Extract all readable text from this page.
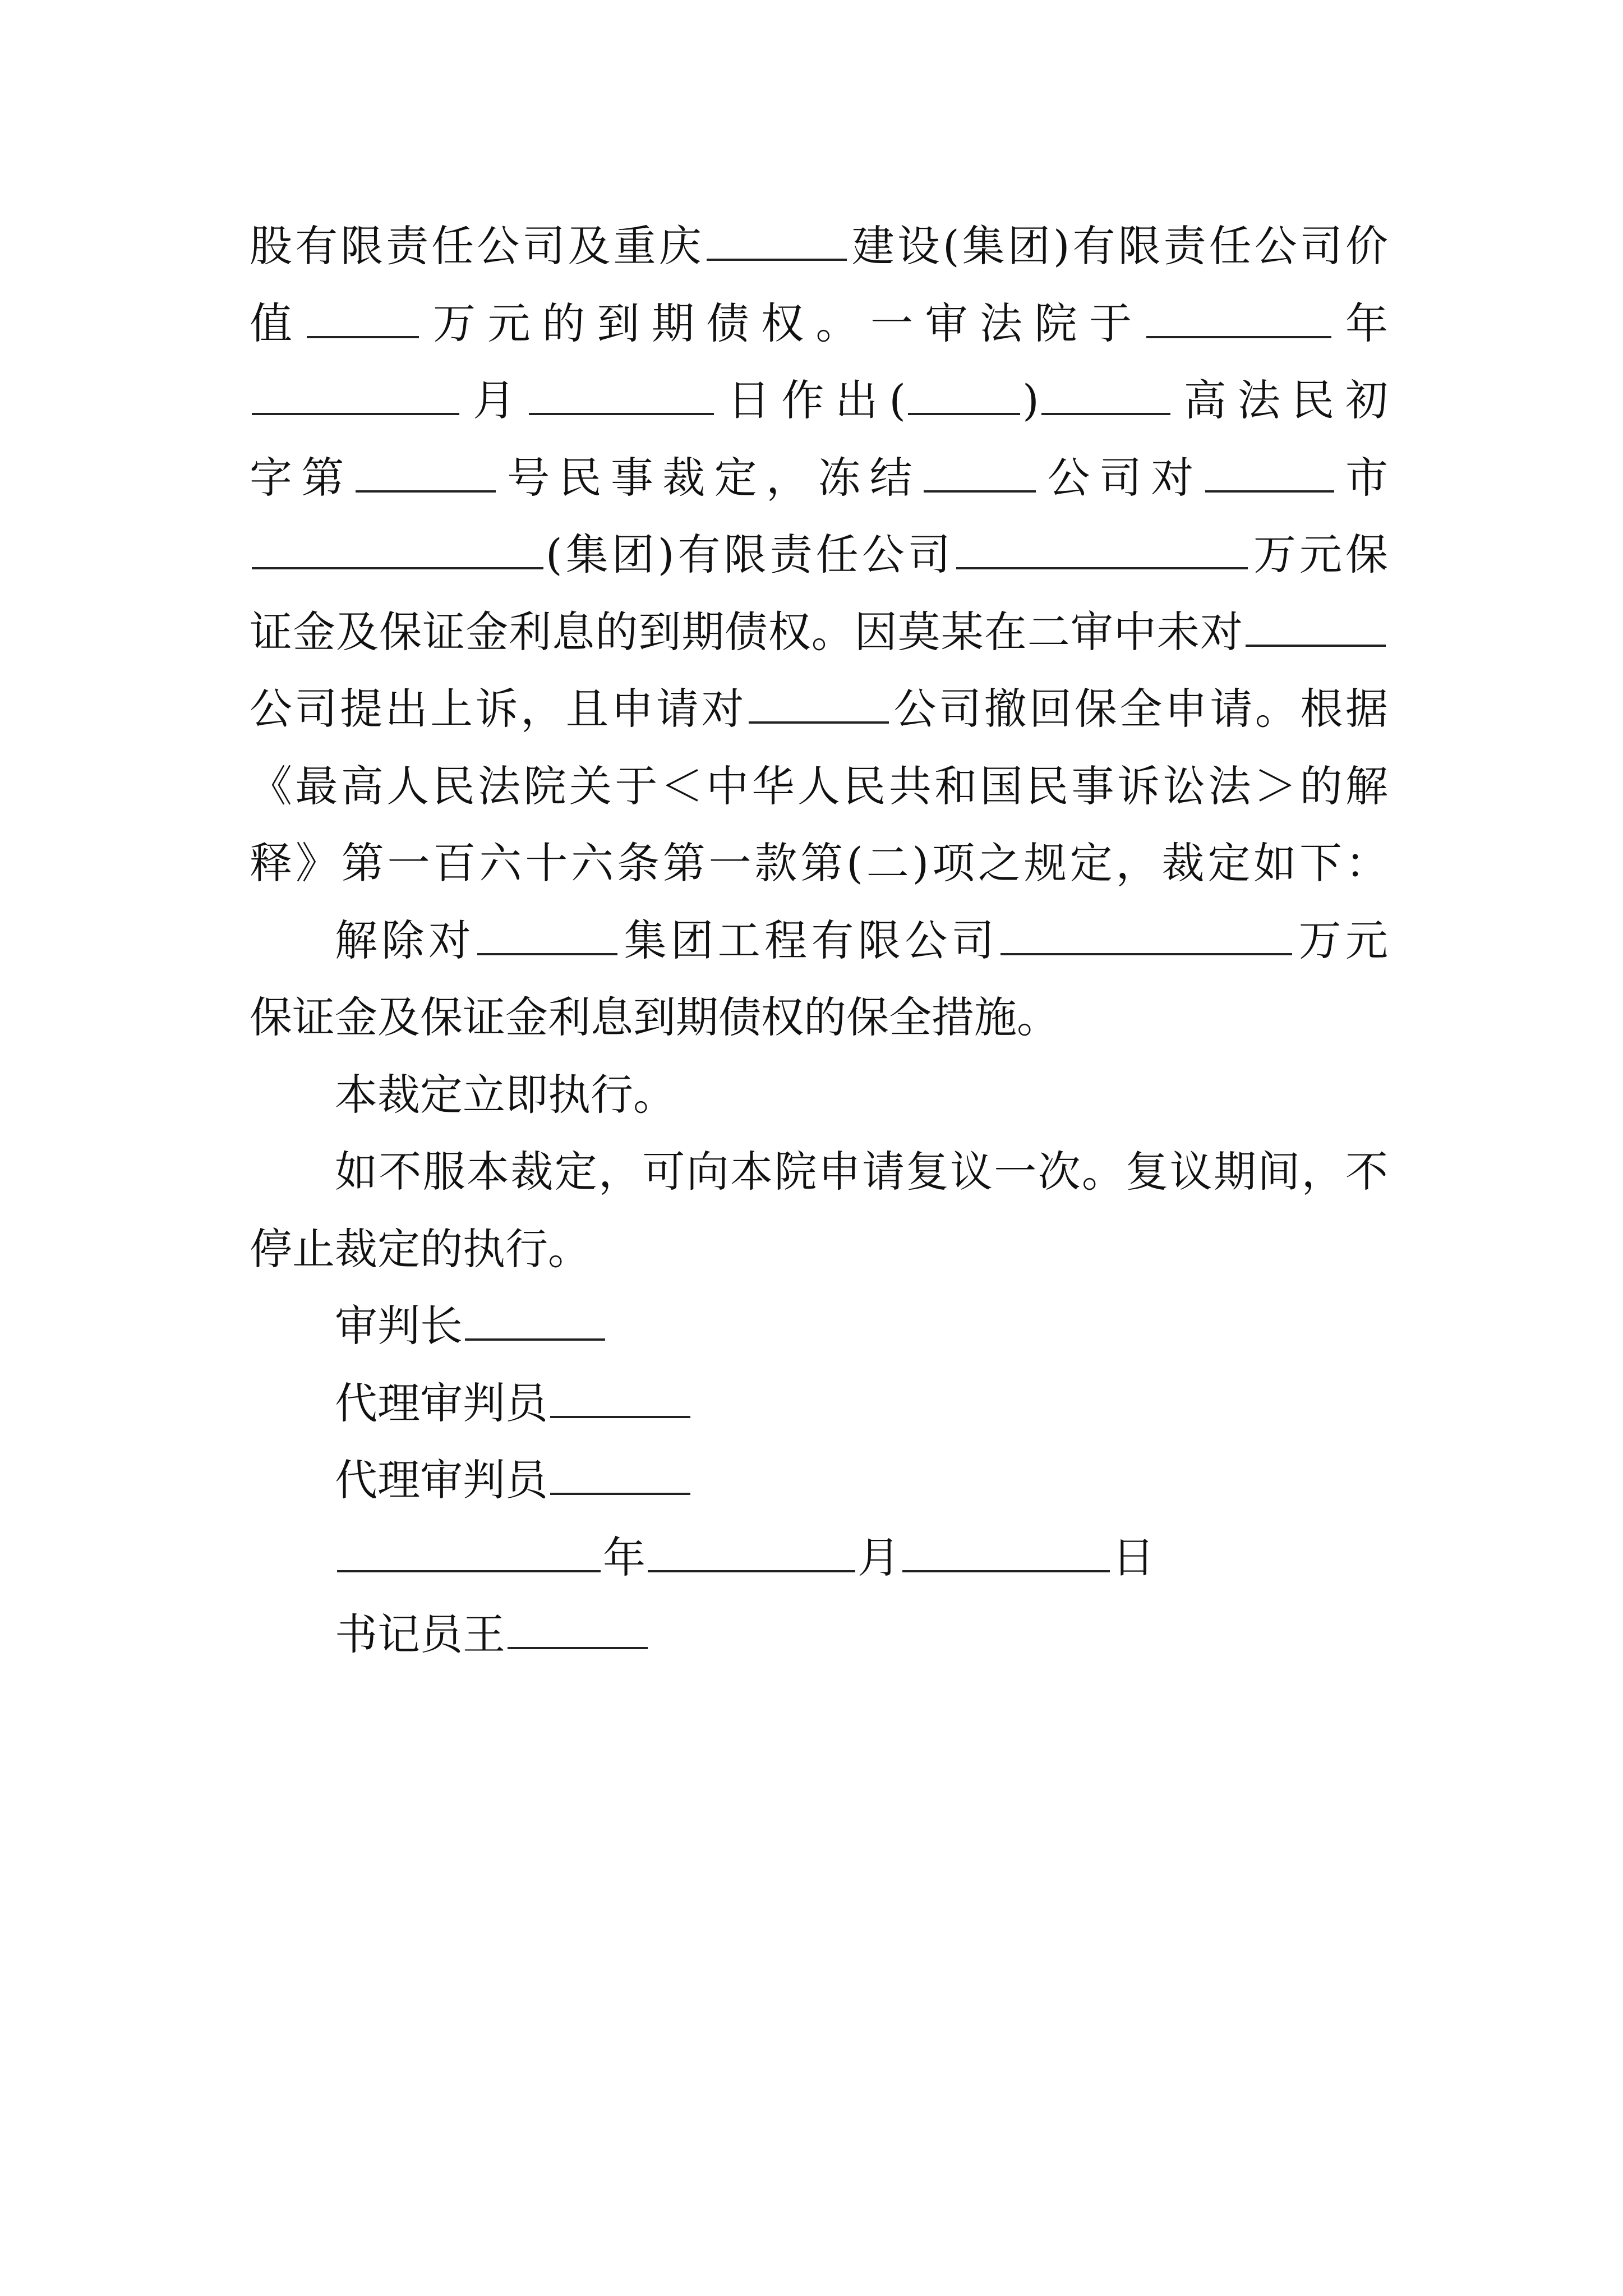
股有限责任公司及重庆	建设(集团)有限责任公司价
值	万元的到期债权。一审法院于	年
月	日作出(	)	高法民初
字第	号民事裁定，冻结	公司对	市
(集团)有限责任公司	万元保
证金及保证金利息的到期债权。因莫某在二审中未对
公司提出上诉，且申请对	公司撤回保全申请。根据
《最高人民法院关于＜中华人民共和国民事诉讼法＞的解
释》第一百六十六条第一款第(二)项之规定，裁定如下：
解除对	集团工程有限公司	万元
保证金及保证金利息到期债权的保全措施。
本裁定立即执行。
如不服本裁定，可向本院申请复议一次。复议期间，不
停止裁定的执行。
审判长
代理审判员
代理审判员
年	月	日
书记员王
